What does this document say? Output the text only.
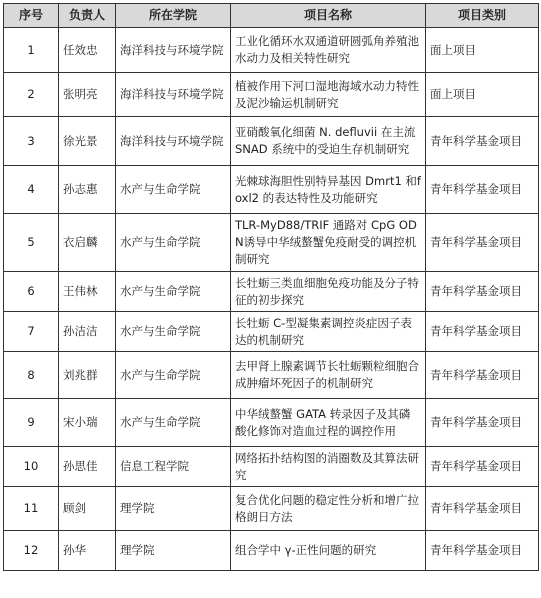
序号	负责人	所在学院	项目名称	项目类别
1	任效忠	海洋科技与环境学院	工业化循环水双通道研圆弧角养殖池水动力及相关特性研究	面上项目
2	张明亮	海洋科技与环境学院	植被作用下河口湿地海域水动力特性及泥沙输运机制研究	面上项目
3	徐光景	海洋科技与环境学院	亚硝酸氧化细菌 N. defluvii 在主流SNAD 系统中的受迫生存机制研究	青年科学基金项目
4	孙志惠	水产与生命学院	光棘球海胆性别特异基因 Dmrt1 和foxl2 的表达特性及功能研究	青年科学基金项目
5	衣启麟	水产与生命学院	TLR-MyD88/TRIF 通路对 CpG ODN诱导中华绒螯蟹免疫耐受的调控机制研究	青年科学基金项目
6	王伟林	水产与生命学院	长牡蛎三类血细胞免疫功能及分子特征的初步探究	青年科学基金项目
7	孙洁洁	水产与生命学院	长牡蛎 C-型凝集素调控炎症因子表达的机制研究	青年科学基金项目
8	刘兆群	水产与生命学院	去甲肾上腺素调节长牡蛎颗粒细胞合成肿瘤坏死因子的机制研究	青年科学基金项目
9	宋小瑞	水产与生命学院	中华绒螯蟹 GATA 转录因子及其磷酸化修饰对造血过程的调控作用	青年科学基金项目
10	孙思佳	信息工程学院	网络拓扑结构图的消圈数及其算法研究	青年科学基金项目
11	顾剑	理学院	复合优化问题的稳定性分析和增广拉格朗日方法	青年科学基金项目
12	孙华	理学院	组合学中 γ-正性问题的研究	青年科学基金项目
